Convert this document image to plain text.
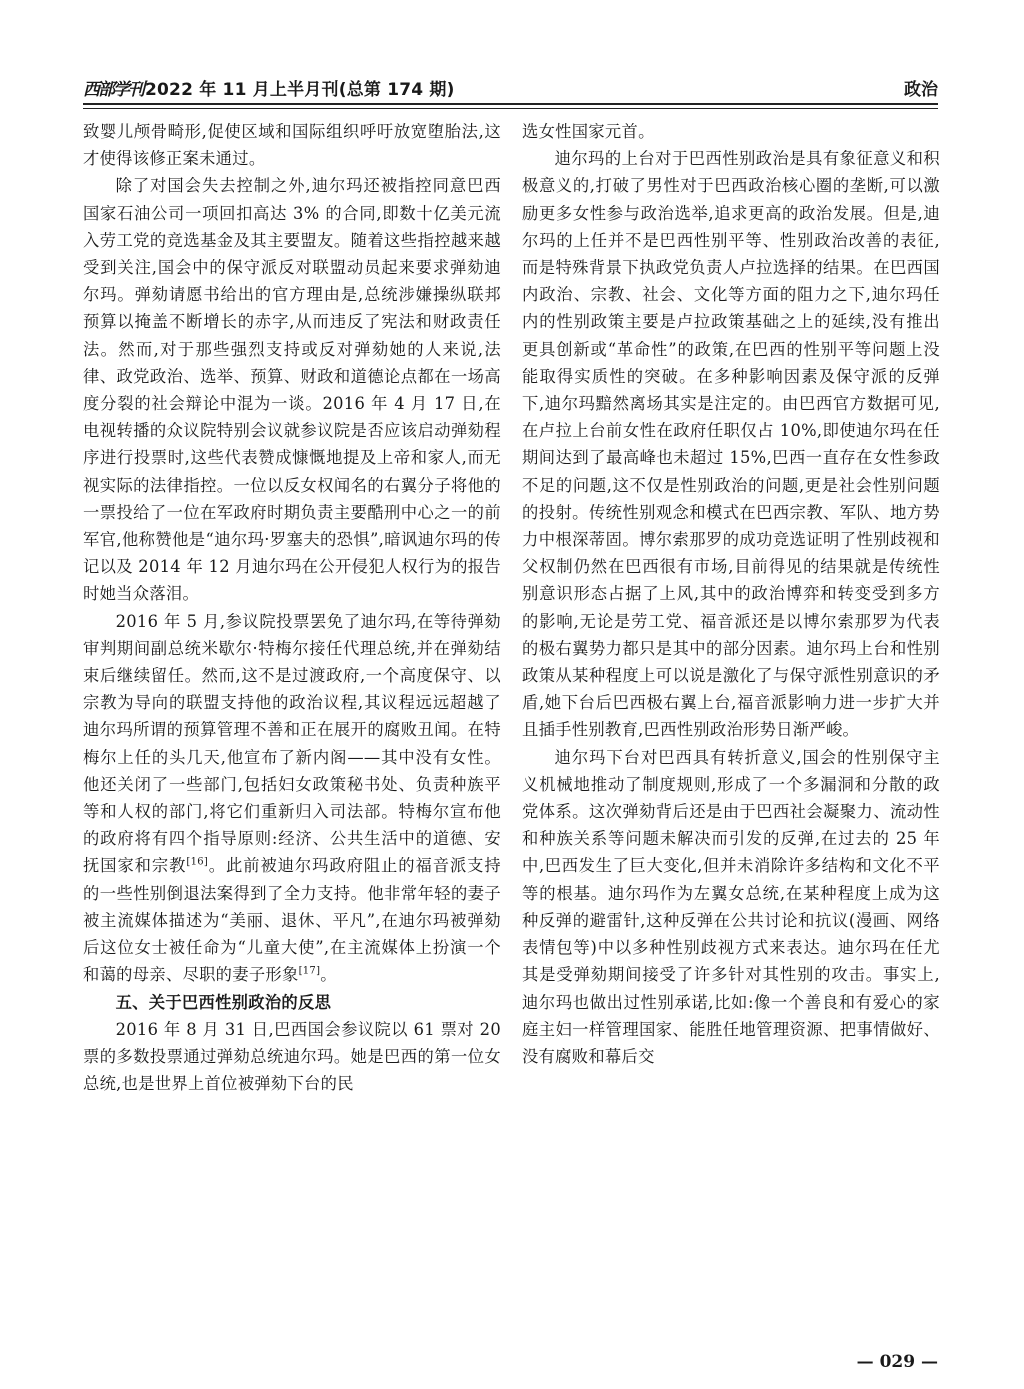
西部学刊 2022 年 11 月上半月刊(总第 174 期)	政治

致婴儿颅骨畸形,促使区域和国际组织呼吁放宽堕胎法,这才使得该修正案未通过。

除了对国会失去控制之外,迪尔玛还被指控同意巴西国家石油公司一项回扣高达 3% 的合同,即数十亿美元流入劳工党的竞选基金及其主要盟友。随着这些指控越来越受到关注,国会中的保守派反对联盟动员起来要求弹劾迪尔玛。弹劾请愿书给出的官方理由是,总统涉嫌操纵联邦预算以掩盖不断增长的赤字,从而违反了宪法和财政责任法。然而,对于那些强烈支持或反对弹劾她的人来说,法律、政党政治、选举、预算、财政和道德论点都在一场高度分裂的社会辩论中混为一谈。2016 年 4 月 17 日,在电视转播的众议院特别会议就参议院是否应该启动弹劾程序进行投票时,这些代表赞成慷慨地提及上帝和家人,而无视实际的法律指控。一位以反女权闻名的右翼分子将他的一票投给了一位在军政府时期负责主要酷刑中心之一的前军官,他称赞他是“迪尔玛·罗塞夫的恐惧”,暗讽迪尔玛的传记以及 2014 年 12 月迪尔玛在公开侵犯人权行为的报告时她当众落泪。

2016 年 5 月,参议院投票罢免了迪尔玛,在等待弹劾审判期间副总统米歇尔·特梅尔接任代理总统,并在弹劾结束后继续留任。然而,这不是过渡政府,一个高度保守、以宗教为导向的联盟支持他的政治议程,其议程远远超越了迪尔玛所谓的预算管理不善和正在展开的腐败丑闻。在特梅尔上任的头几天,他宣布了新内阁——其中没有女性。他还关闭了一些部门,包括妇女政策秘书处、负责种族平等和人权的部门,将它们重新归入司法部。特梅尔宣布他的政府将有四个指导原则:经济、公共生活中的道德、安抚国家和宗教[16]。此前被迪尔玛政府阻止的福音派支持的一些性别倒退法案得到了全力支持。他非常年轻的妻子被主流媒体描述为“美丽、退休、平凡”,在迪尔玛被弹劾后这位女士被任命为“儿童大使”,在主流媒体上扮演一个和蔼的母亲、尽职的妻子形象[17]。

五、关于巴西性别政治的反思

2016 年 8 月 31 日,巴西国会参议院以 61 票对 20 票的多数投票通过弹劾总统迪尔玛。她是巴西的第一位女总统,也是世界上首位被弹劾下台的民

选女性国家元首。

迪尔玛的上台对于巴西性别政治是具有象征意义和积极意义的,打破了男性对于巴西政治核心圈的垄断,可以激励更多女性参与政治选举,追求更高的政治发展。但是,迪尔玛的上任并不是巴西性别平等、性别政治改善的表征,而是特殊背景下执政党负责人卢拉选择的结果。在巴西国内政治、宗教、社会、文化等方面的阻力之下,迪尔玛任内的性别政策主要是卢拉政策基础之上的延续,没有推出更具创新或“革命性”的政策,在巴西的性别平等问题上没能取得实质性的突破。在多种影响因素及保守派的反弹下,迪尔玛黯然离场其实是注定的。由巴西官方数据可见,在卢拉上台前女性在政府任职仅占 10%,即使迪尔玛在任期间达到了最高峰也未超过 15%,巴西一直存在女性参政不足的问题,这不仅是性别政治的问题,更是社会性别问题的投射。传统性别观念和模式在巴西宗教、军队、地方势力中根深蒂固。博尔索那罗的成功竞选证明了性别歧视和父权制仍然在巴西很有市场,目前得见的结果就是传统性别意识形态占据了上风,其中的政治博弈和转变受到多方的影响,无论是劳工党、福音派还是以博尔索那罗为代表的极右翼势力都只是其中的部分因素。迪尔玛上台和性别政策从某种程度上可以说是激化了与保守派性别意识的矛盾,她下台后巴西极右翼上台,福音派影响力进一步扩大并且插手性别教育,巴西性别政治形势日渐严峻。

迪尔玛下台对巴西具有转折意义,国会的性别保守主义机械地推动了制度规则,形成了一个多漏洞和分散的政党体系。这次弹劾背后还是由于巴西社会凝聚力、流动性和种族关系等问题未解决而引发的反弹,在过去的 25 年中,巴西发生了巨大变化,但并未消除许多结构和文化不平等的根基。迪尔玛作为左翼女总统,在某种程度上成为这种反弹的避雷针,这种反弹在公共讨论和抗议(漫画、网络表情包等)中以多种性别歧视方式来表达。迪尔玛在任尤其是受弹劾期间接受了许多针对其性别的攻击。事实上,迪尔玛也做出过性别承诺,比如:像一个善良和有爱心的家庭主妇一样管理国家、能胜任地管理资源、把事情做好、没有腐败和幕后交

— 029 —
